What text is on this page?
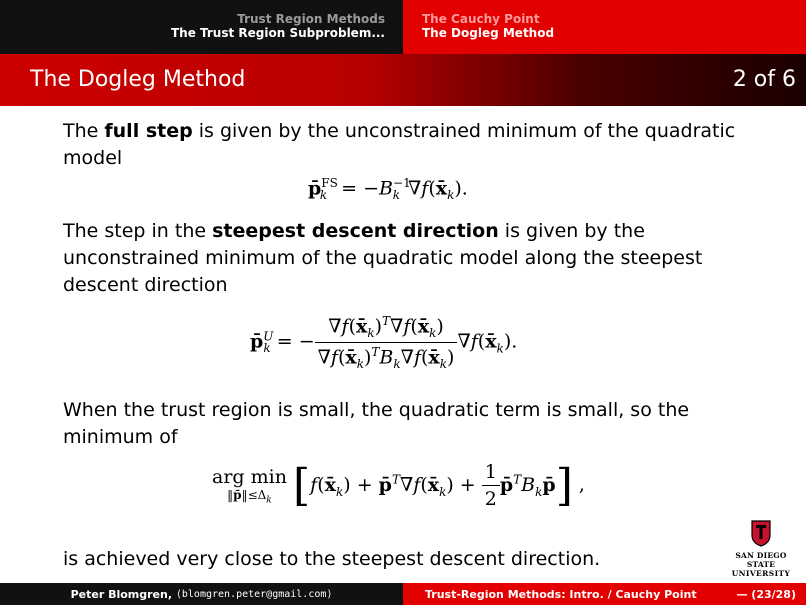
Trust Region Methods
The Trust Region Subproblem...
The Cauchy Point
The Dogleg Method
The Dogleg Method	2 of 6

The full step is given by the unconstrained minimum of the quadratic model

p̄$^{FS}_k$ = $-B^{-1}_k$ $\nabla f(x̄_k)$.

The step in the steepest descent direction is given by the unconstrained minimum of the quadratic model along the steepest descent direction

p̄$^U_k$ = − $\frac{\nabla f(x̄_k)^T\nabla f(x̄_k)}{\nabla f(x̄_k)^TB_k\nabla f(x̄_k)}$ $\nabla f(x̄_k)$.

When the trust region is small, the quadratic term is small, so the minimum of

arg min
$‖p̄‖\le\Delta_k$ [$f(x̄_k)$ + $p̄^T\nabla f(x̄_k) + \frac{1}{2}$ $p̄^TB_kp̄$] ,

is achieved very close to the steepest descent direction.	SAN DIEGO STATE
UNIVERSITY
Peter Blomgren,
⟨blomgren.peter@gmail.com⟩	Trust-Region Methods: Intro. / Cauchy Point	— (23/28)
